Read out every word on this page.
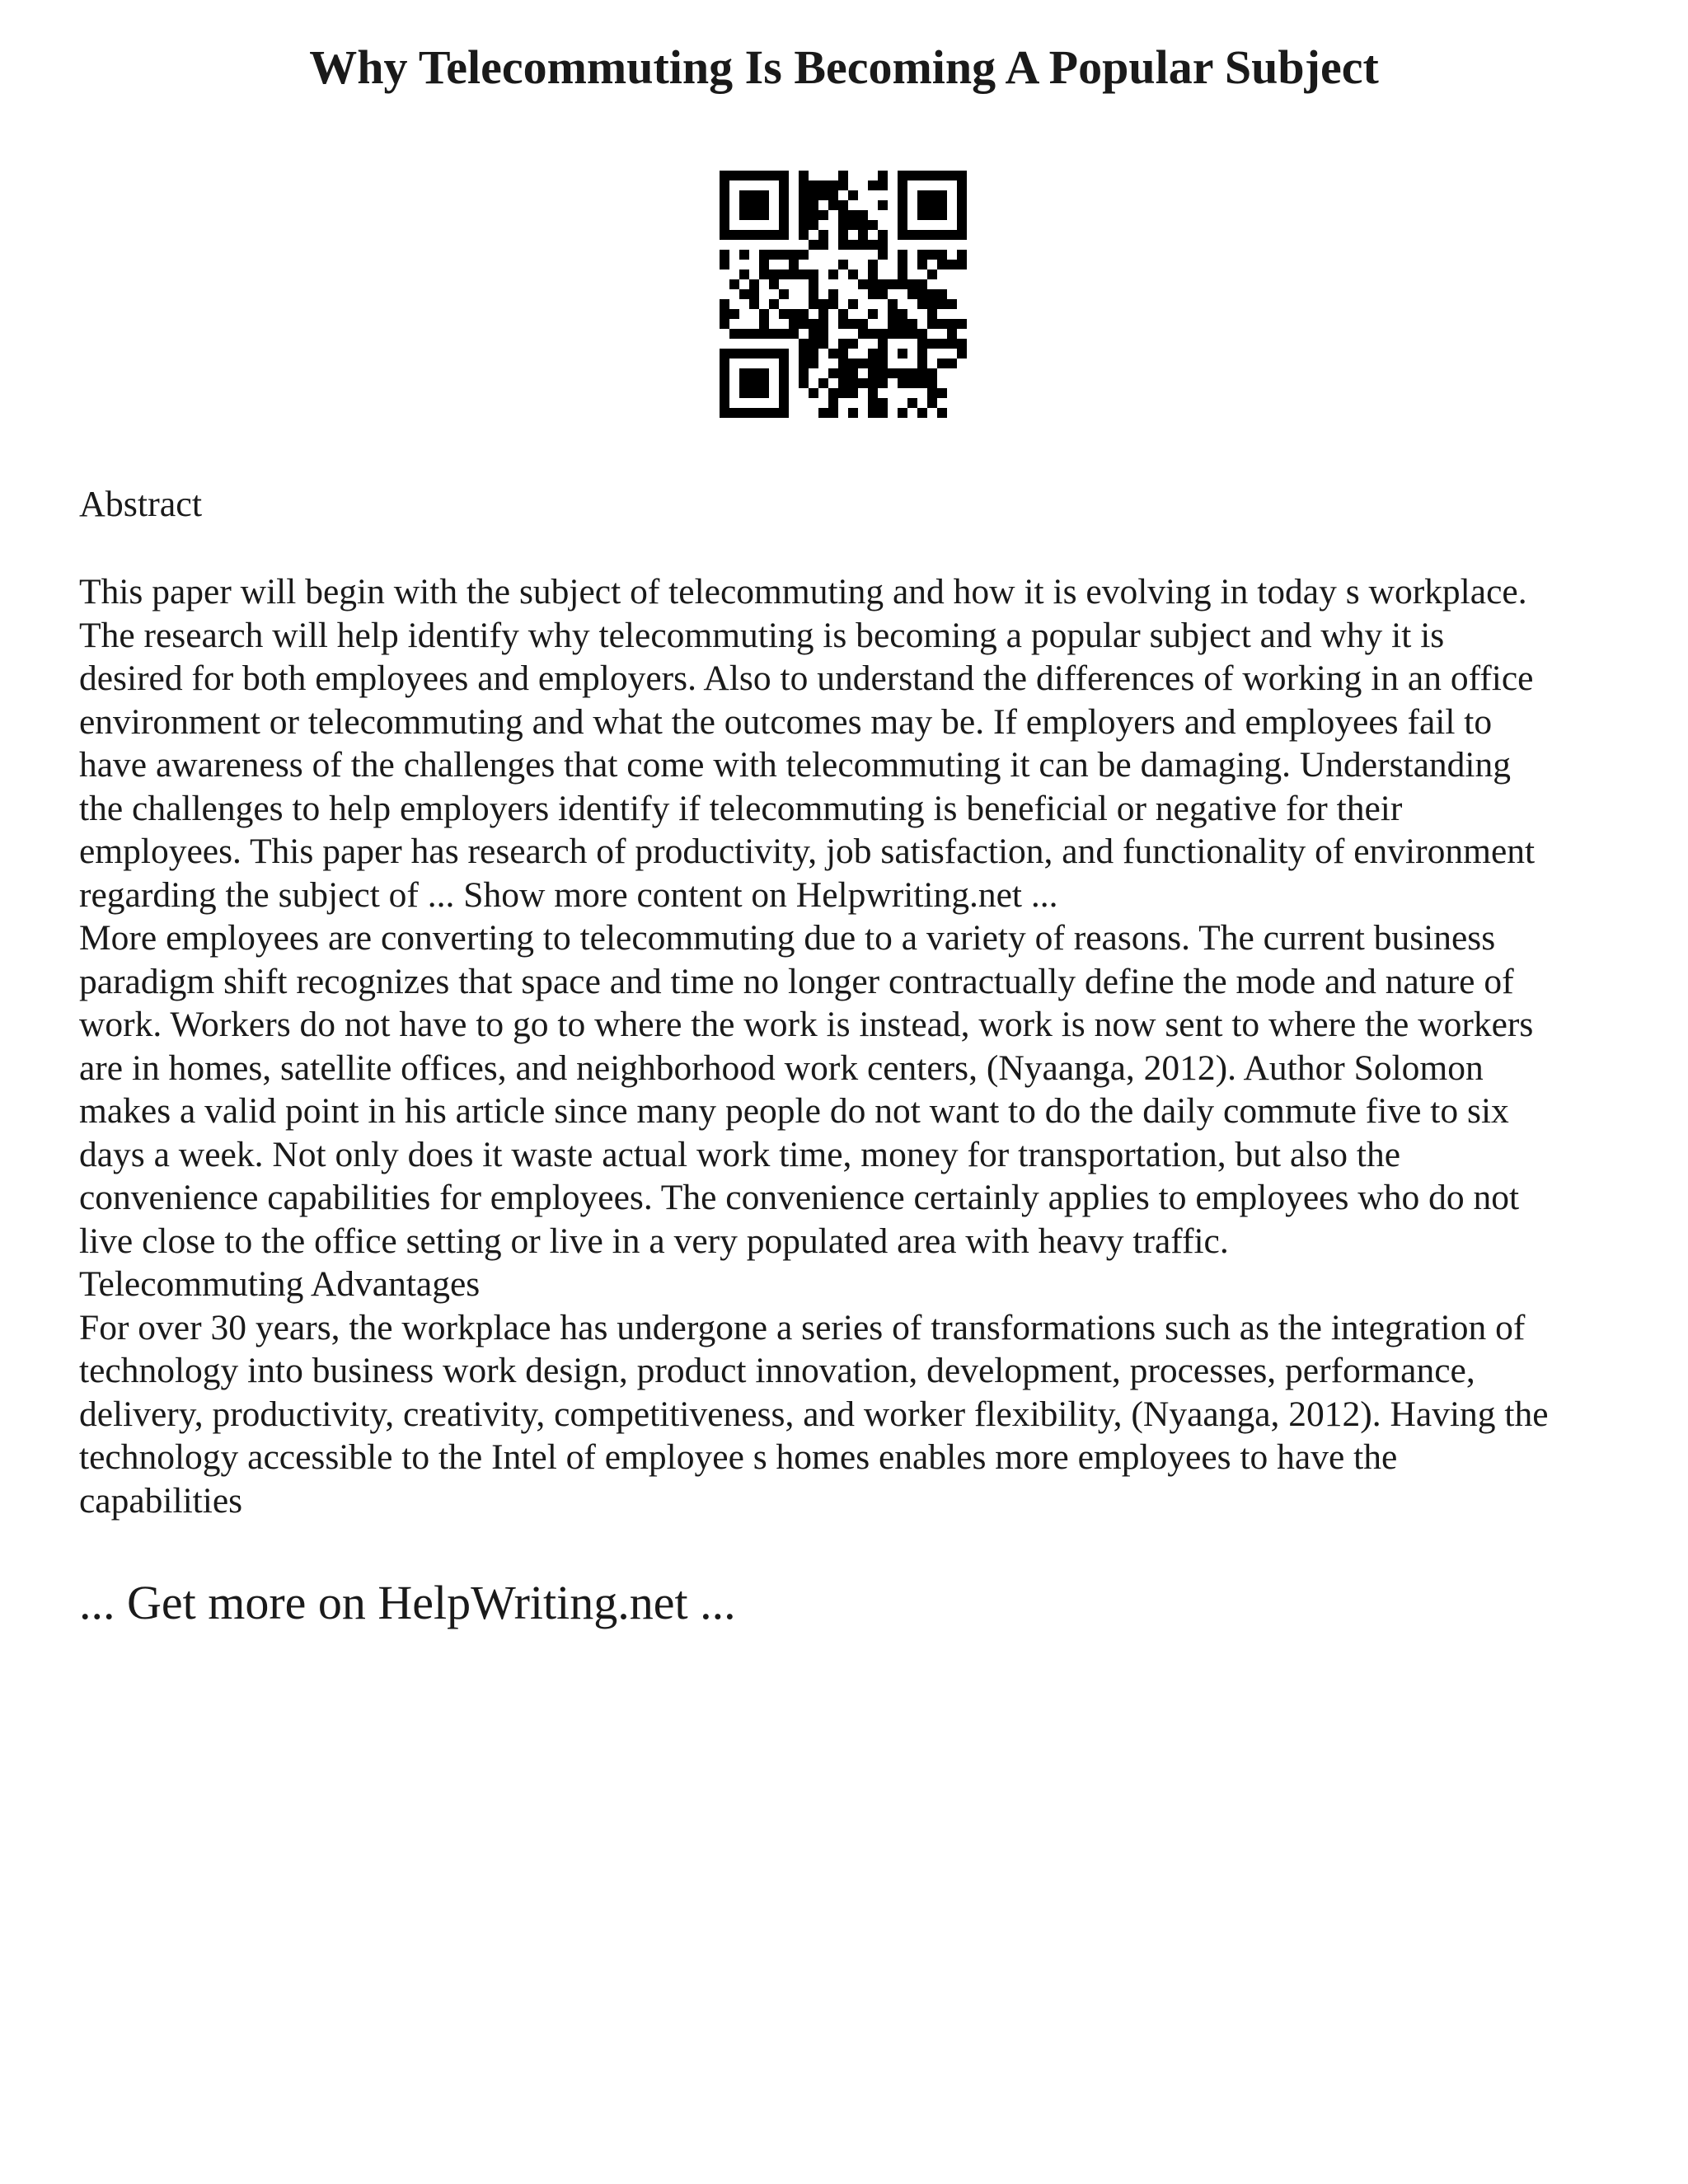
Why Telecommuting Is Becoming A Popular Subject

Abstract

This paper will begin with the subject of telecommuting and how it is evolving in today s workplace.
The research will help identify why telecommuting is becoming a popular subject and why it is
desired for both employees and employers. Also to understand the differences of working in an office
environment or telecommuting and what the outcomes may be. If employers and employees fail to
have awareness of the challenges that come with telecommuting it can be damaging. Understanding
the challenges to help employers identify if telecommuting is beneficial or negative for their
employees. This paper has research of productivity, job satisfaction, and functionality of environment
regarding the subject of ... Show more content on Helpwriting.net ...

More employees are converting to telecommuting due to a variety of reasons. The current business
paradigm shift recognizes that space and time no longer contractually define the mode and nature of
work. Workers do not have to go to where the work is instead, work is now sent to where the workers
are in homes, satellite offices, and neighborhood work centers, (Nyaanga, 2012). Author Solomon
makes a valid point in his article since many people do not want to do the daily commute five to six
days a week. Not only does it waste actual work time, money for transportation, but also the
convenience capabilities for employees. The convenience certainly applies to employees who do not
live close to the office setting or live in a very populated area with heavy traffic.

Telecommuting Advantages

For over 30 years, the workplace has undergone a series of transformations such as the integration of
technology into business work design, product innovation, development, processes, performance,
delivery, productivity, creativity, competitiveness, and worker flexibility, (Nyaanga, 2012). Having the
technology accessible to the Intel of employee s homes enables more employees to have the
capabilities

... Get more on HelpWriting.net ...
